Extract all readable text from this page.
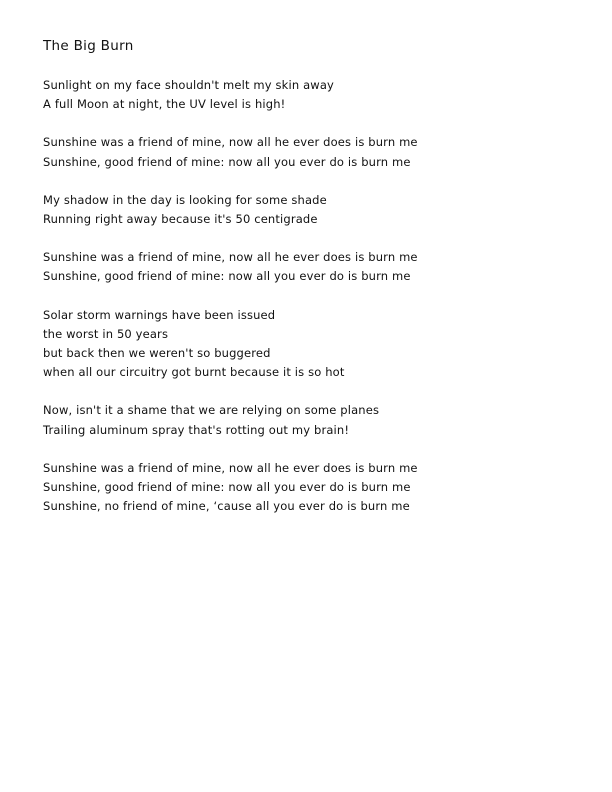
The Big Burn
Sunlight on my face shouldn't melt my skin away
A full Moon at night, the UV level is high!
Sunshine was a friend of mine, now all he ever does is burn me
Sunshine, good friend of mine: now all you ever do is burn me
My shadow in the day is looking for some shade
Running right away because it's 50 centigrade
Sunshine was a friend of mine, now all he ever does is burn me
Sunshine, good friend of mine: now all you ever do is burn me
Solar storm warnings have been issued
the worst in 50 years
but back then we weren't so buggered
when all our circuitry got burnt because it is so hot
Now, isn't it a shame that we are relying on some planes
Trailing aluminum spray that's rotting out my brain!
Sunshine was a friend of mine, now all he ever does is burn me
Sunshine, good friend of mine: now all you ever do is burn me
Sunshine, no friend of mine, ‘cause all you ever do is burn me
